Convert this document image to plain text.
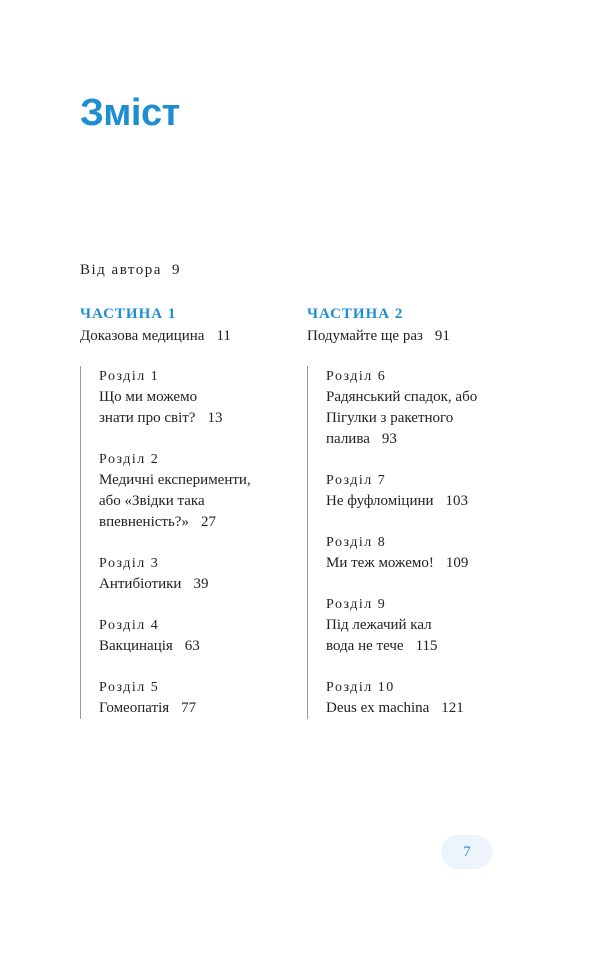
Зміст
Від автора 9
ЧАСТИНА 1
Доказова медицина 11
Розділ 1
Що ми можемо
знати про світ? 13
Розділ 2
Медичні експерименти,
або «Звідки така
впевненість?» 27
Розділ 3
Антибіотики 39
Розділ 4
Вакцинація 63
Розділ 5
Гомеопатія 77
ЧАСТИНА 2
Подумайте ще раз 91
Розділ 6
Радянський спадок, або
Пігулки з ракетного
палива 93
Розділ 7
Не фуфломіцини 103
Розділ 8
Ми теж можемо! 109
Розділ 9
Під лежачий кал
вода не тече 115
Розділ 10
Deus ex machina 121
7
